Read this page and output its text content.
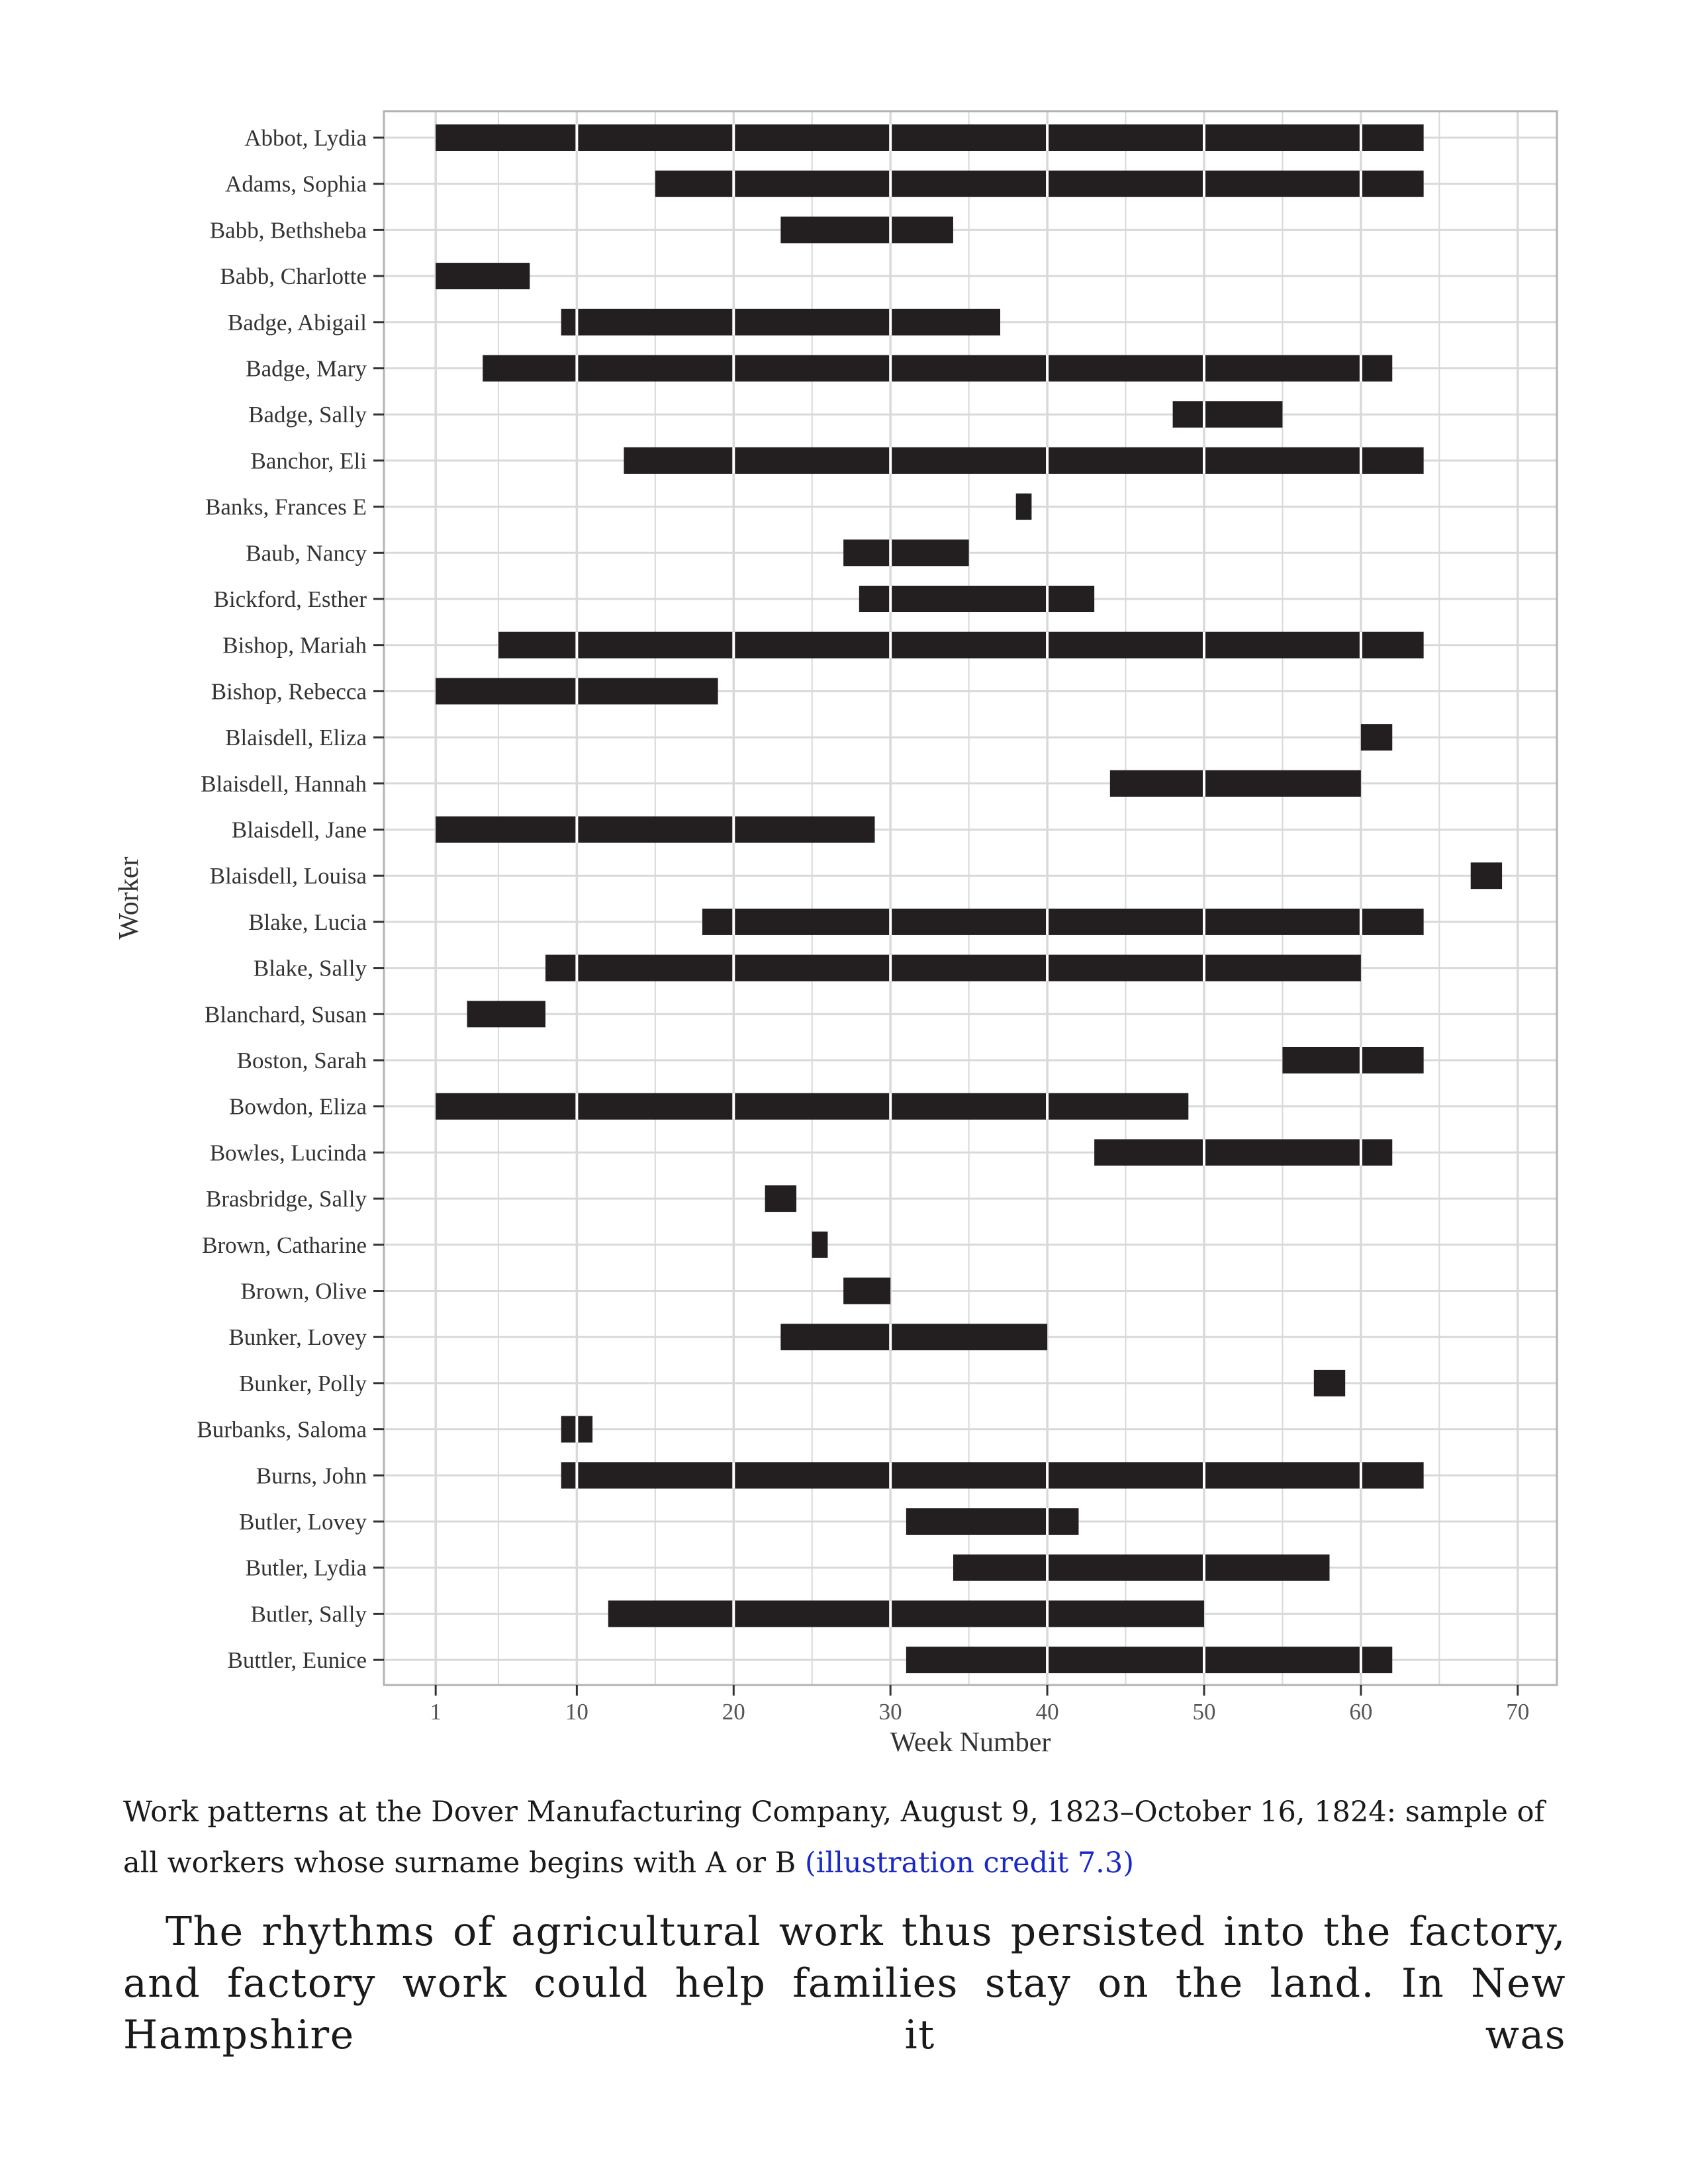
Abbot, Lydia
Adams, Sophia
Babb, Bethsheba
Babb, Charlotte
Badge, Abigail
Badge, Mary
Badge, Sally
Banchor, Eli
Banks, Frances E
Baub, Nancy
Bickford, Esther
Bishop, Mariah
Bishop, Rebecca
Blaisdell, Eliza
Blaisdell, Hannah
Blaisdell, Jane
Blaisdell, Louisa
Blake, Lucia
Blake, Sally
Blanchard, Susan
Boston, Sarah
Bowdon, Eliza
Bowles, Lucinda
Brasbridge, Sally
Brown, Catharine
Brown, Olive
Bunker, Lovey
Bunker, Polly
Burbanks, Saloma
Burns, John
Butler, Lovey
Butler, Lydia
Butler, Sally
Buttler, Eunice
1	10	20	30	40	50	60	70
Week Number
Worker
Work patterns at the Dover Manufacturing Company, August 9, 1823–October 16, 1824: sample of all workers whose surname begins with A or B (illustration credit 7.3)

The rhythms of agricultural work thus persisted into the factory, and factory work could help families stay on the land. In New Hampshire it was
